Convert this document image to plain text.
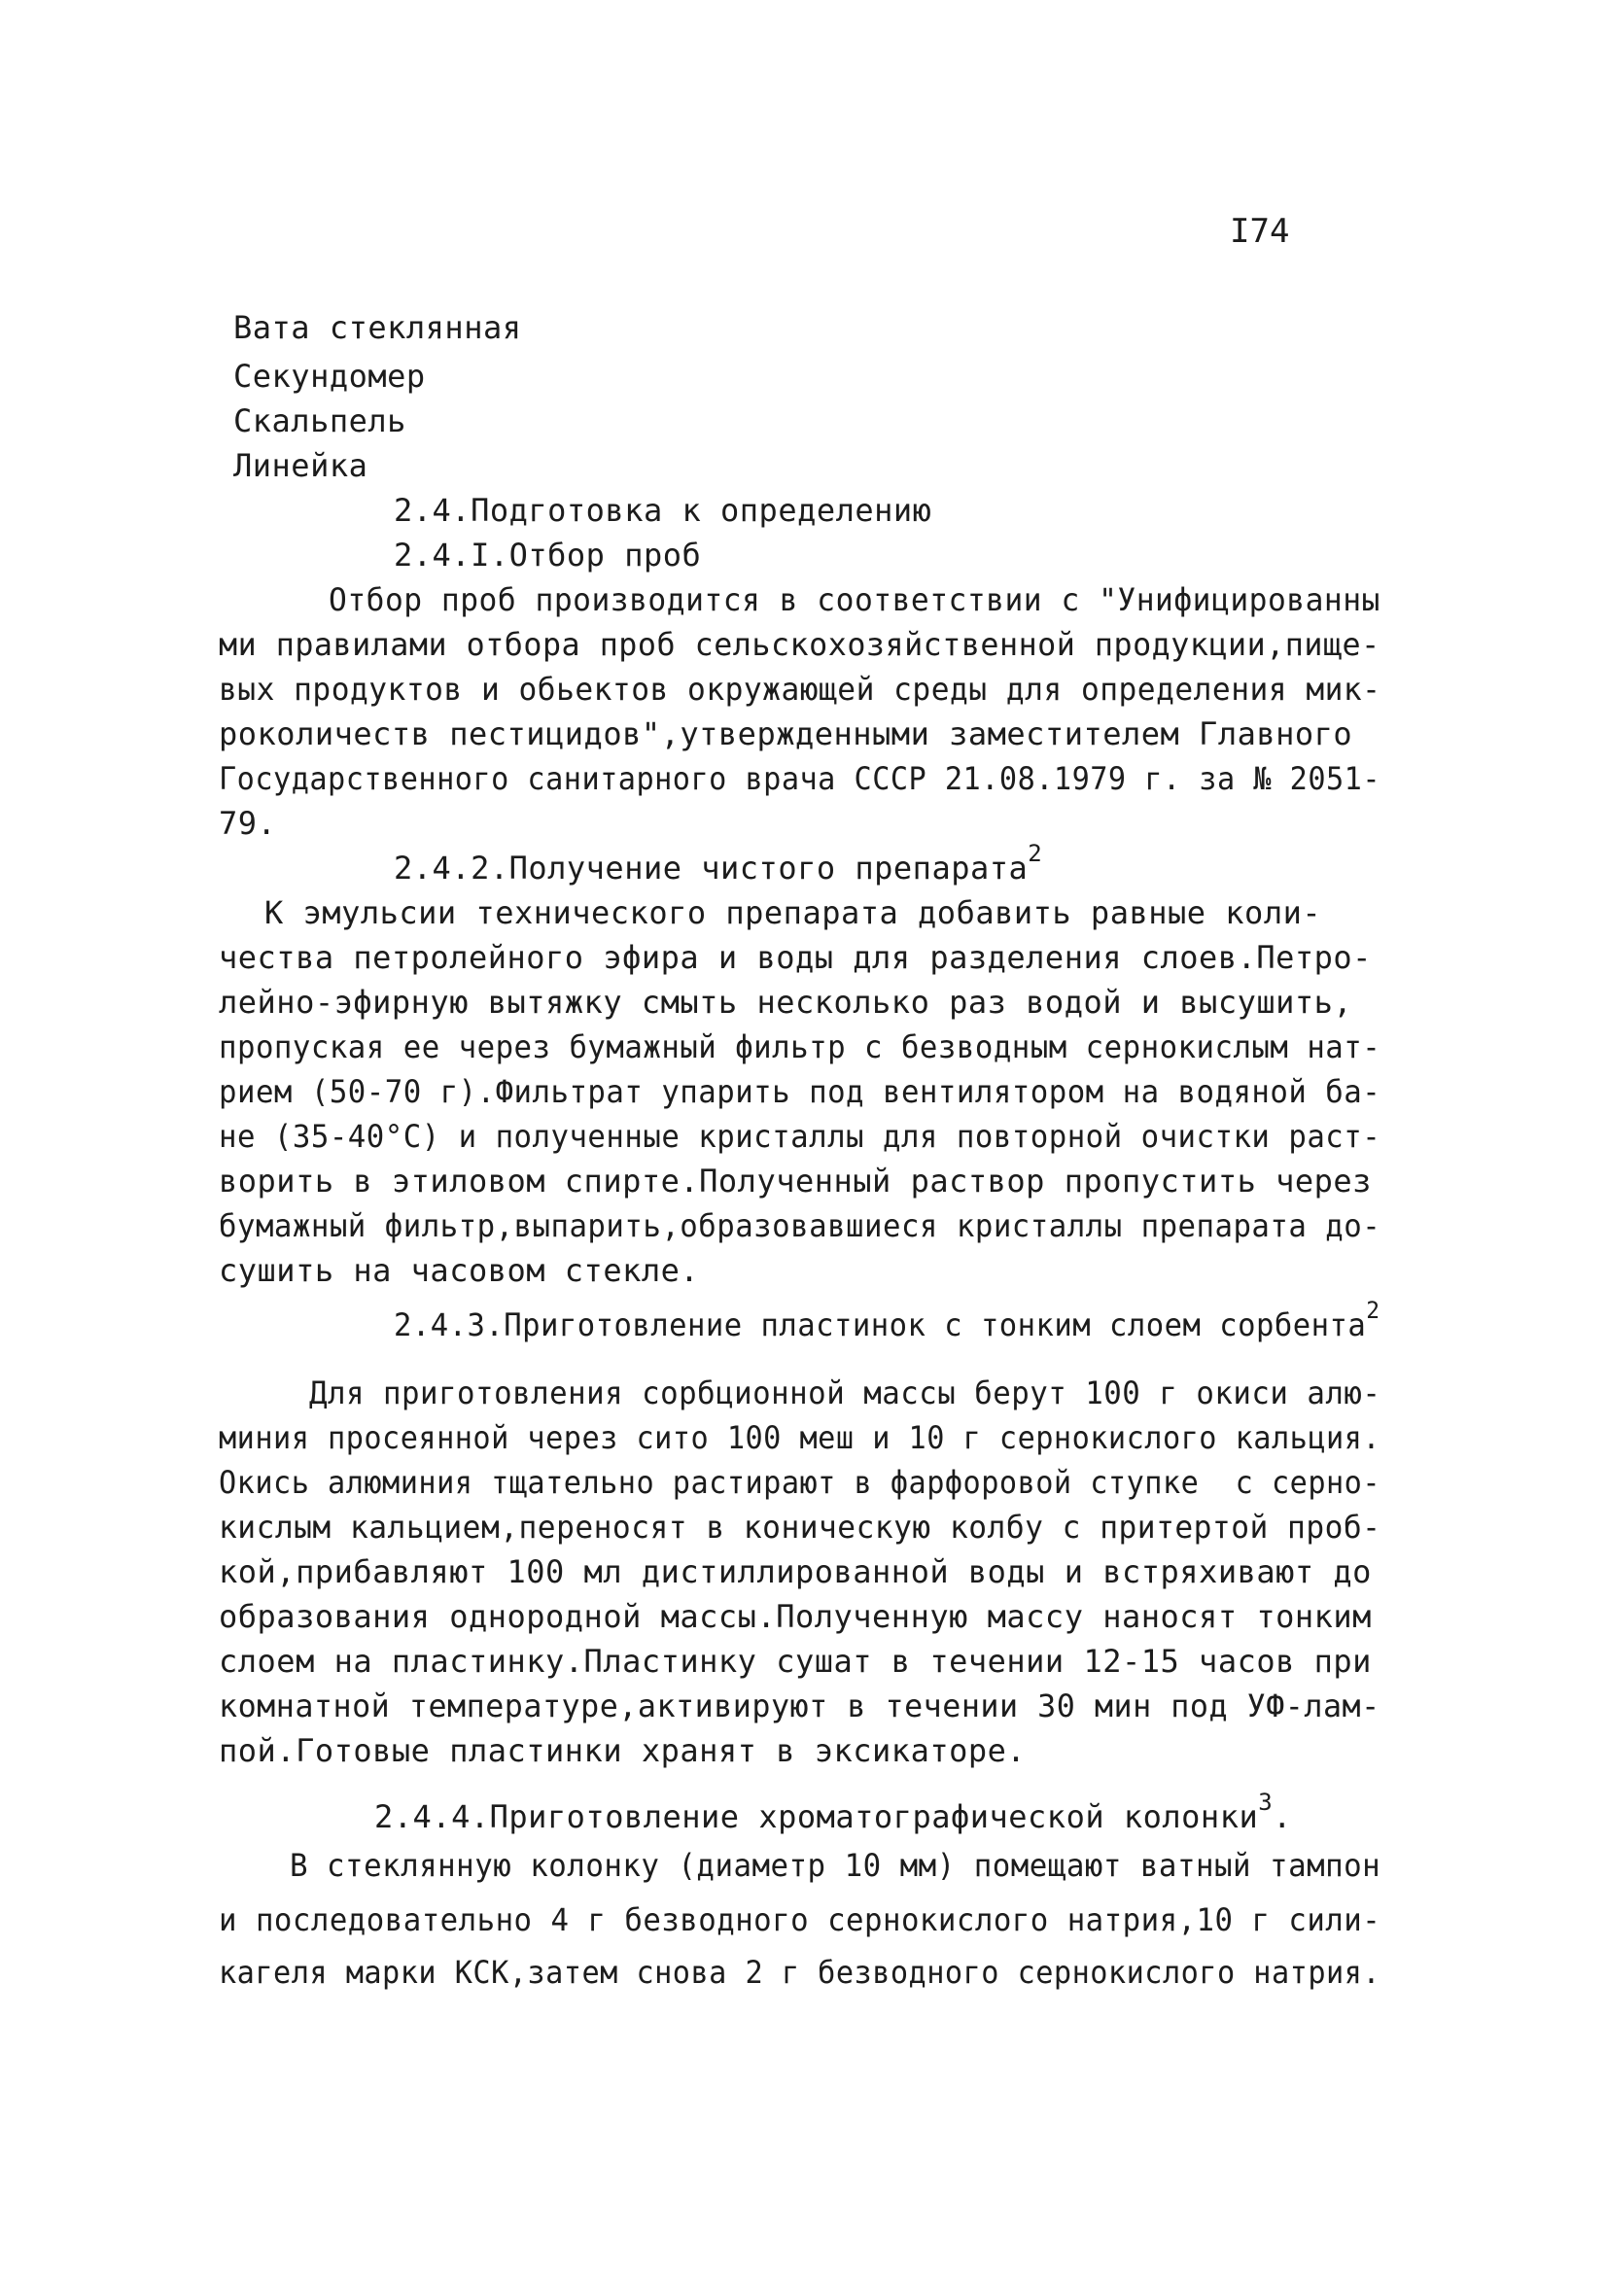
I74
Вата стеклянная
Секундомер
Скальпель
Линейка
2.4.Подготовка к определению
2.4.I.Отбор проб
Отбор проб производится в соответствии с "Унифицированны
ми правилами отбора проб сельскохозяйственной продукции,пище-
вых продуктов и обьектов окружающей среды для определения мик-
роколичеств пестицидов",утвержденными заместителем Главного
Государственного санитарного врача СССР 21.08.1979 г. за № 2051-
79.
2.4.2.Получение чистого препарата$^2$
К эмульсии технического препарата добавить равные коли-
чества петролейного эфира и воды для разделения слоев.Петро-
лейно-эфирную вытяжку смыть несколько раз водой и высушить,
пропуская ее через бумажный фильтр с безводным сернокислым нат-
рием (50-70 г).Фильтрат упарить под вентилятором на водяной ба-
не (35-40°С) и полученные кристаллы для повторной очистки раст-
ворить в этиловом спирте.Полученный раствор пропустить через
бумажный фильтр,выпарить,образовавшиеся кристаллы препарата до-
сушить на часовом стекле.
2.4.3.Приготовление пластинок с тонким слоем сорбента$^2$
Для приготовления сорбционной массы берут 100 г окиси алю-
миния просеянной через сито 100 меш и 10 г сернокислого кальция.
Окись алюминия тщательно растирают в фарфоровой ступке  с серно-
кислым кальцием,переносят в коническую колбу с притертой проб-
кой,прибавляют 100 мл дистиллированной воды и встряхивают до
образования однородной массы.Полученную массу наносят тонким
слоем на пластинку.Пластинку сушат в течении 12-15 часов при
комнатной температуре,активируют в течении 30 мин под УФ-лам-
пой.Готовые пластинки хранят в эксикаторе.
2.4.4.Приготовление хроматографической колонки$^3$.
В стеклянную колонку (диаметр 10 мм) помещают ватный тампон
и последовательно 4 г безводного сернокислого натрия,10 г сили-
кагеля марки КСК,затем снова 2 г безводного сернокислого натрия.
